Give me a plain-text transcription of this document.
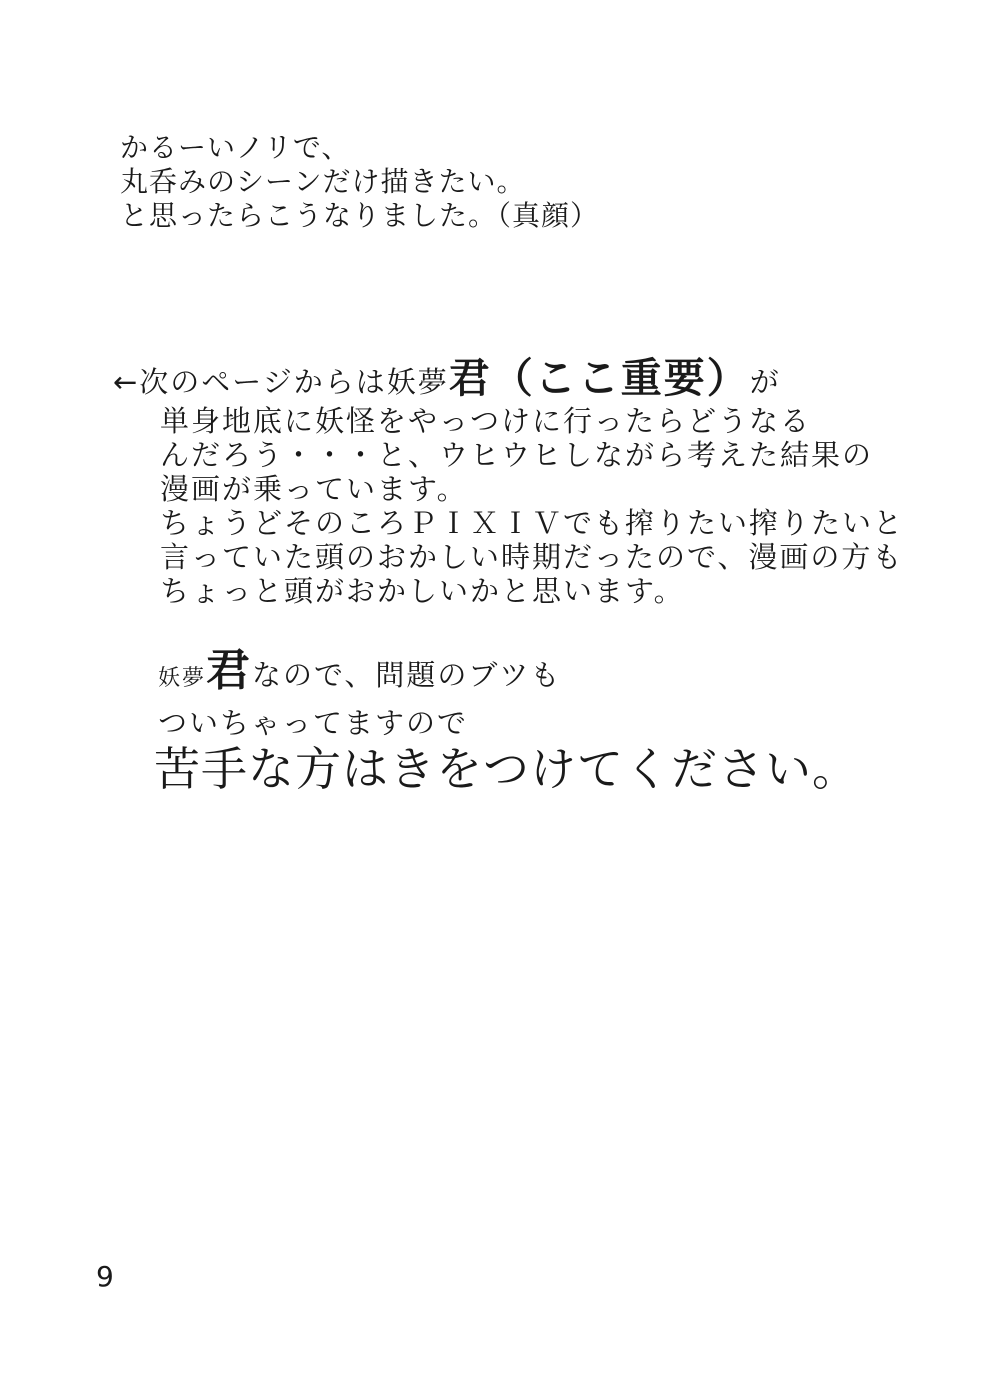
かるーいノリで、
丸呑みのシーンだけ描きたい。
と思ったらこうなりました。（真顔）
←次のページからは妖夢君（ここ重要）が
単身地底に妖怪をやっつけに行ったらどうなる
んだろう・・・と、ウヒウヒしながら考えた結果の
漫画が乗っています。
ちょうどそのころＰＩＸＩＶでも搾りたい搾りたいと
言っていた頭のおかしい時期だったので、漫画の方も
ちょっと頭がおかしいかと思います。
妖夢君なので、問題のブツも
ついちゃってますので
苦手な方はきをつけてください。
9
